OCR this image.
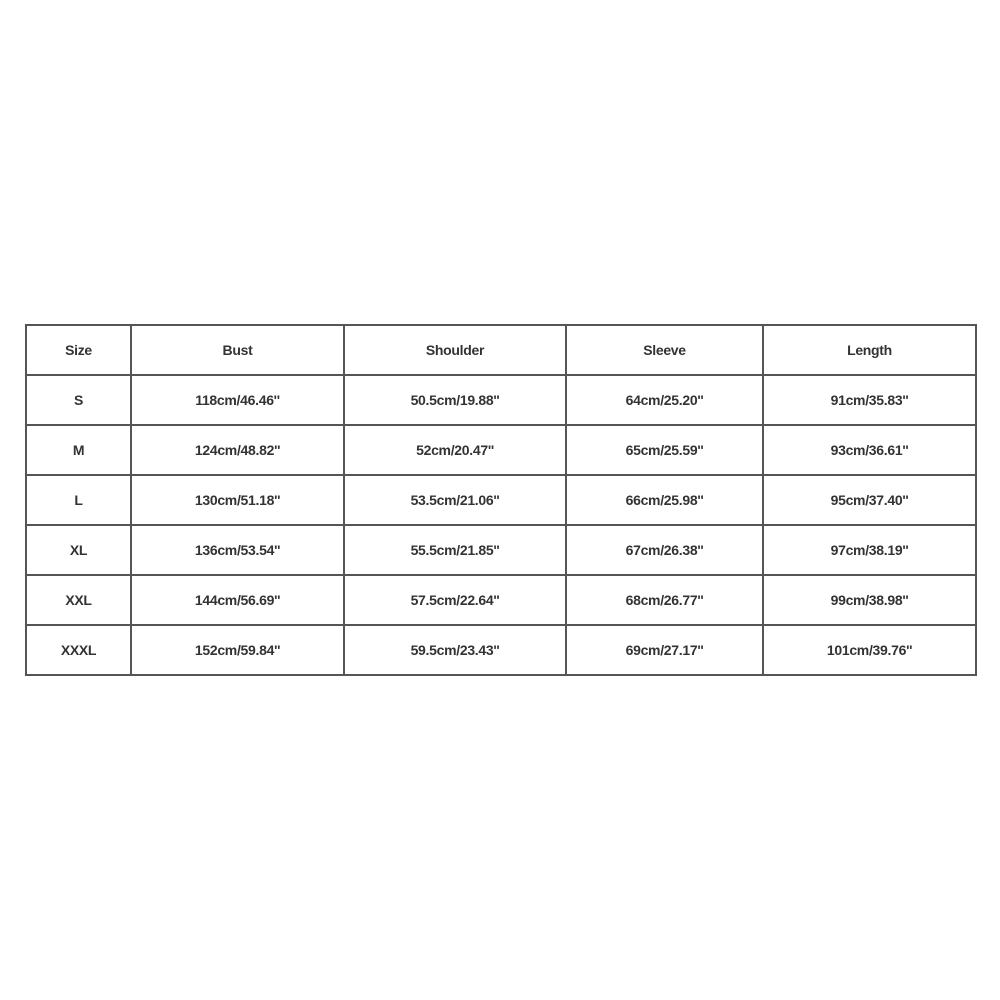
Size	Bust	Shoulder	Sleeve	Length
S	118cm/46.46''	50.5cm/19.88''	64cm/25.20''	91cm/35.83''
M	124cm/48.82''	52cm/20.47''	65cm/25.59''	93cm/36.61''
L	130cm/51.18''	53.5cm/21.06''	66cm/25.98''	95cm/37.40''
XL	136cm/53.54''	55.5cm/21.85''	67cm/26.38''	97cm/38.19''
XXL	144cm/56.69''	57.5cm/22.64''	68cm/26.77''	99cm/38.98''
XXXL	152cm/59.84''	59.5cm/23.43''	69cm/27.17''	101cm/39.76''
